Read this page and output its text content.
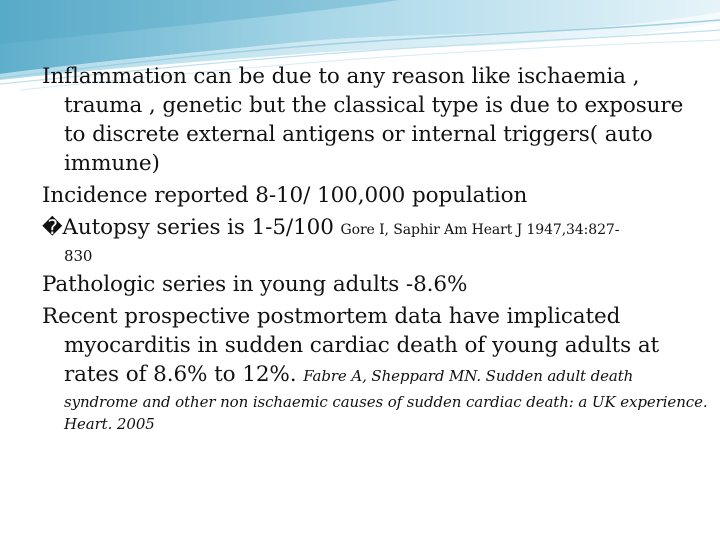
Inflammation can be due to any reason like ischaemia , trauma , genetic but the classical type is due to exposure to discrete external antigens or internal triggers( auto immune)

Incidence reported 8-10/ 100,000 population

�Autopsy series is 1-5/100 Gore I, Saphir Am Heart J 1947,34:827-
830

Pathologic series in young adults -8.6%

Recent prospective postmortem data have implicated myocarditis in sudden cardiac death of young adults at rates of 8.6% to 12%. Fabre A, Sheppard MN. Sudden adult death
syndrome and other non ischaemic causes of sudden cardiac death: a UK experience. Heart. 2005
